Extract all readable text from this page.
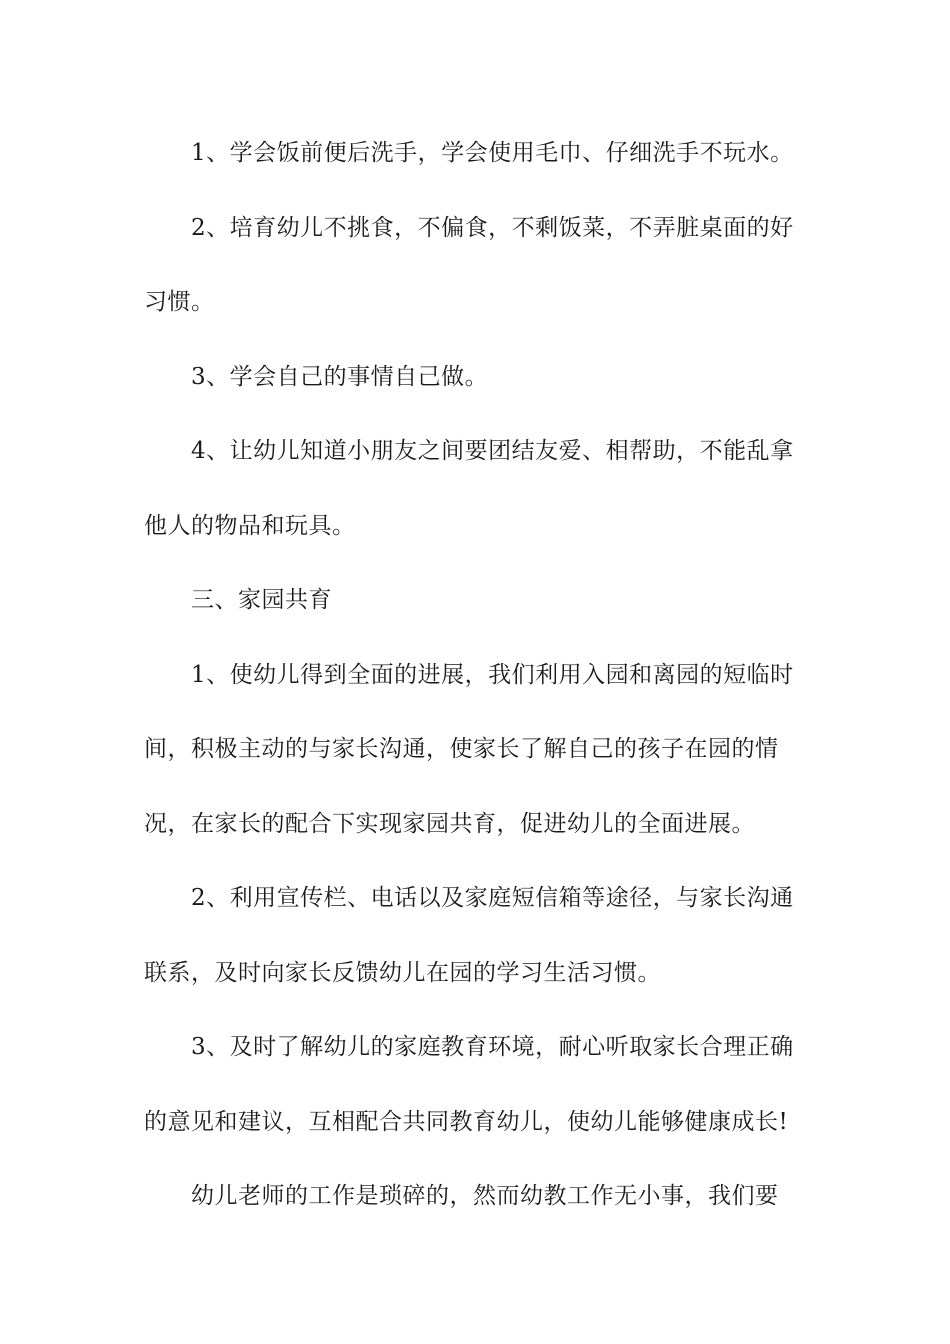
1、学会饭前便后洗手，学会使用毛巾、仔细洗手不玩水。
2、培育幼儿不挑食，不偏食，不剩饭菜，不弄脏桌面的好
习惯。
3、学会自己的事情自己做。
4、让幼儿知道小朋友之间要团结友爱、相帮助，不能乱拿
他人的物品和玩具。
三、家园共育
1、使幼儿得到全面的进展，我们利用入园和离园的短临时
间，积极主动的与家长沟通，使家长了解自己的孩子在园的情
况，在家长的配合下实现家园共育，促进幼儿的全面进展。
2、利用宣传栏、电话以及家庭短信箱等途径，与家长沟通
联系，及时向家长反馈幼儿在园的学习生活习惯。
3、及时了解幼儿的家庭教育环境，耐心听取家长合理正确
的意见和建议，互相配合共同教育幼儿，使幼儿能够健康成长!
幼儿老师的工作是琐碎的，然而幼教工作无小事，我们要
